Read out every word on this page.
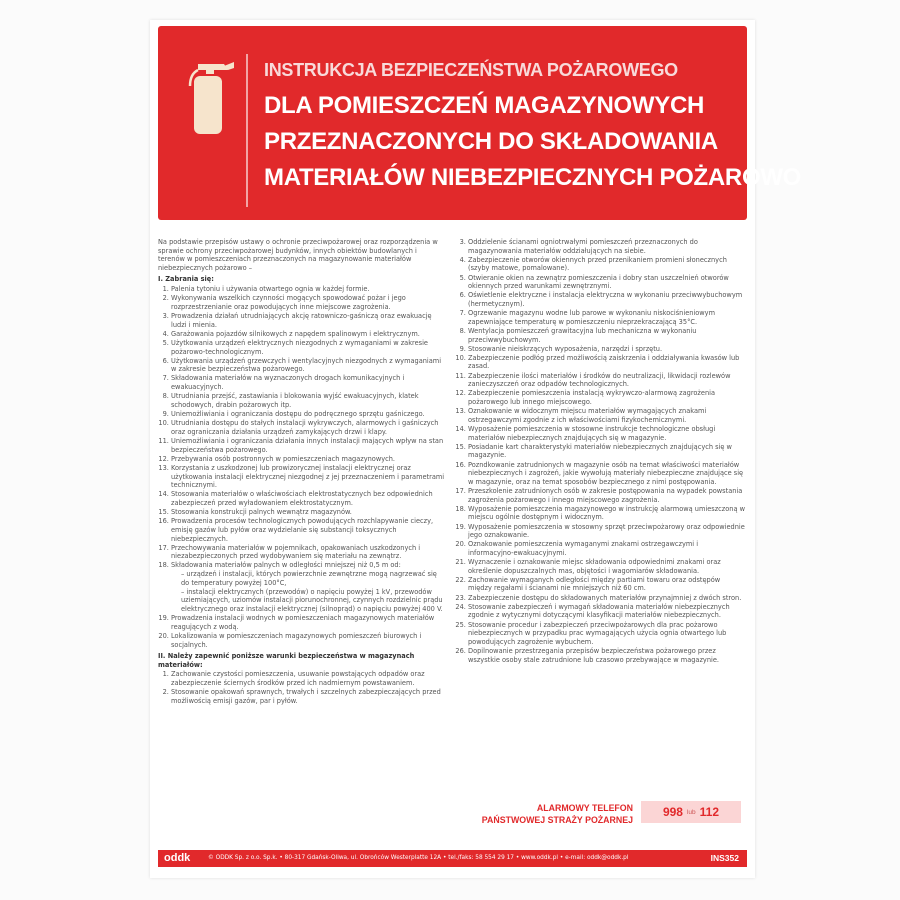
INSTRUKCJA BEZPIECZEŃSTWA POŻAROWEGO
DLA POMIESZCZEŃ MAGAZYNOWYCH
PRZEZNACZONYCH DO SKŁADOWANIA
MATERIAŁÓW NIEBEZPIECZNYCH POŻAROWO

Na podstawie przepisów ustawy o ochronie przeciwpożarowej oraz rozporządzenia w sprawie ochrony przeciwpożarowej budynków, innych obiektów budowlanych i terenów w pomieszczeniach przeznaczonych na magazynowanie materiałów niebezpiecznych pożarowo –

I. Zabrania się:
1. Palenia tytoniu i używania otwartego ognia w każdej formie.
2. Wykonywania wszelkich czynności mogących spowodować pożar i jego rozprzestrzenianie oraz powodujących inne miejscowe zagrożenia.
3. Prowadzenia działań utrudniających akcję ratowniczo-gaśniczą oraz ewakuację ludzi i mienia.
4. Garażowania pojazdów silnikowych z napędem spalinowym i elektrycznym.
5. Użytkowania urządzeń elektrycznych niezgodnych z wymaganiami w zakresie pożarowo-technologicznym.
6. Użytkowania urządzeń grzewczych i wentylacyjnych niezgodnych z wymaganiami w zakresie bezpieczeństwa pożarowego.
7. Składowania materiałów na wyznaczonych drogach komunikacyjnych i ewakuacyjnych.
8. Utrudniania przejść, zastawiania i blokowania wyjść ewakuacyjnych, klatek schodowych, drabin pożarowych itp.
9. Uniemożliwiania i ograniczania dostępu do podręcznego sprzętu gaśniczego.
10. Utrudniania dostępu do stałych instalacji wykrywczych, alarmowych i gaśniczych oraz ograniczania działania urządzeń zamykających drzwi i klapy.
11. Uniemożliwiania i ograniczania działania innych instalacji mających wpływ na stan bezpieczeństwa pożarowego.
12. Przebywania osób postronnych w pomieszczeniach magazynowych.
13. Korzystania z uszkodzonej lub prowizorycznej instalacji elektrycznej oraz użytkowania instalacji elektrycznej niezgodnej z jej przeznaczeniem i parametrami technicznymi.
14. Stosowania materiałów o właściwościach elektrostatycznych bez odpowiednich zabezpieczeń przed wyładowaniem elektrostatycznym.
15. Stosowania konstrukcji palnych wewnątrz magazynów.
16. Prowadzenia procesów technologicznych powodujących rozchlapywanie cieczy, emisję gazów lub pyłów oraz wydzielanie się substancji toksycznych niebezpiecznych.
17. Przechowywania materiałów w pojemnikach, opakowaniach uszkodzonych i niezabezpieczonych przed wydobywaniem się materiału na zewnątrz.
18. Składowania materiałów palnych w odległości mniejszej niż 0,5 m od:
– urządzeń i instalacji, których powierzchnie zewnętrzne mogą nagrzewać się do temperatury powyżej 100°C,
– instalacji elektrycznych (przewodów) o napięciu powyżej 1 kV, przewodów uziemiających, uziomów instalacji piorunochronnej, czynnych rozdzielnic prądu elektrycznego oraz instalacji elektrycznej (silnoprąd) o napięciu powyżej 400 V.
19. Prowadzenia instalacji wodnych w pomieszczeniach magazynowych materiałów reagujących z wodą.
20. Lokalizowania w pomieszczeniach magazynowych pomieszczeń biurowych i socjalnych.
II. Należy zapewnić poniższe warunki bezpieczeństwa w magazynach materiałów:
1. Zachowanie czystości pomieszczenia, usuwanie powstających odpadów oraz zabezpieczenie ściernych środków przed ich nadmiernym powstawaniem.
2. Stosowanie opakowań sprawnych, trwałych i szczelnych zabezpieczających przed możliwością emisji gazów, par i pyłów.
3. Oddzielenie ścianami ogniotrwałymi pomieszczeń przeznaczonych do magazynowania materiałów oddziałujących na siebie.
4. Zabezpieczenie otworów okiennych przed przenikaniem promieni słonecznych (szyby matowe, pomalowane).
5. Otwieranie okien na zewnątrz pomieszczenia i dobry stan uszczelnień otworów okiennych przed warunkami zewnętrznymi.
6. Oświetlenie elektryczne i instalacja elektryczna w wykonaniu przeciwwybuchowym (hermetycznym).
7. Ogrzewanie magazynu wodne lub parowe w wykonaniu niskociśnieniowym zapewniające temperaturę w pomieszczeniu nieprzekraczającą 35°C.
8. Wentylacja pomieszczeń grawitacyjna lub mechaniczna w wykonaniu przeciwwybuchowym.
9. Stosowanie nieiskrzących wyposażenia, narzędzi i sprzętu.
10. Zabezpieczenie podłóg przed możliwością zaiskrzenia i oddziaływania kwasów lub zasad.
11. Zabezpieczenie ilości materiałów i środków do neutralizacji, likwidacji rozlewów zanieczyszczeń oraz odpadów technologicznych.
12. Zabezpieczenie pomieszczenia instalacją wykrywczo-alarmową zagrożenia pożarowego lub innego miejscowego.
13. Oznakowanie w widocznym miejscu materiałów wymagających znakami ostrzegawczymi zgodnie z ich właściwościami fizykochemicznymi.
14. Wyposażenie pomieszczenia w stosowne instrukcje technologiczne obsługi materiałów niebezpiecznych znajdujących się w magazynie.
15. Posiadanie kart charakterystyki materiałów niebezpiecznych znajdujących się w magazynie.
16. Pozndkowanie zatrudnionych w magazynie osób na temat właściwości materiałów niebezpiecznych i zagrożeń, jakie wywołują materiały niebezpieczne znajdujące się w magazynie, oraz na temat sposobów bezpiecznego z nimi postępowania.
17. Przeszkolenie zatrudnionych osób w zakresie postępowania na wypadek powstania zagrożenia pożarowego i innego miejscowego zagrożenia.
18. Wyposażenie pomieszczenia magazynowego w instrukcję alarmową umieszczoną w miejscu ogólnie dostępnym i widocznym.
19. Wyposażenie pomieszczenia w stosowny sprzęt przeciwpożarowy oraz odpowiednie jego oznakowanie.
20. Oznakowanie pomieszczenia wymaganymi znakami ostrzegawczymi i informacyjno-ewakuacyjnymi.
21. Wyznaczenie i oznakowanie miejsc składowania odpowiednimi znakami oraz określenie dopuszczalnych mas, objętości i wagomiarów składowania.
22. Zachowanie wymaganych odległości między partiami towaru oraz odstępów między regałami i ścianami nie mniejszych niż 60 cm.
23. Zabezpieczenie dostępu do składowanych materiałów przynajmniej z dwóch stron.
24. Stosowanie zabezpieczeń i wymagań składowania materiałów niebezpiecznych zgodnie z wytycznymi dotyczącymi klasyfikacji materiałów niebezpiecznych.
25. Stosowanie procedur i zabezpieczeń przeciwpożarowych dla prac pożarowo niebezpiecznych w przypadku prac wymagających użycia ognia otwartego lub powodujących zagrożenie wybuchem.
26. Dopilnowanie przestrzegania przepisów bezpieczeństwa pożarowego przez wszystkie osoby stale zatrudnione lub czasowo przebywające w magazynie.
ALARMOWY TELEFON
PAŃSTWOWEJ STRAŻY POŻARNEJ
998 lub 112
oddk	© ODDK Sp. z o.o. Sp.k. • 80-317 Gdańsk-Oliwa, ul. Obrońców Westerplatte 12A • tel./faks: 58 554 29 17 • www.oddk.pl • e-mail: oddk@oddk.pl	INS352
